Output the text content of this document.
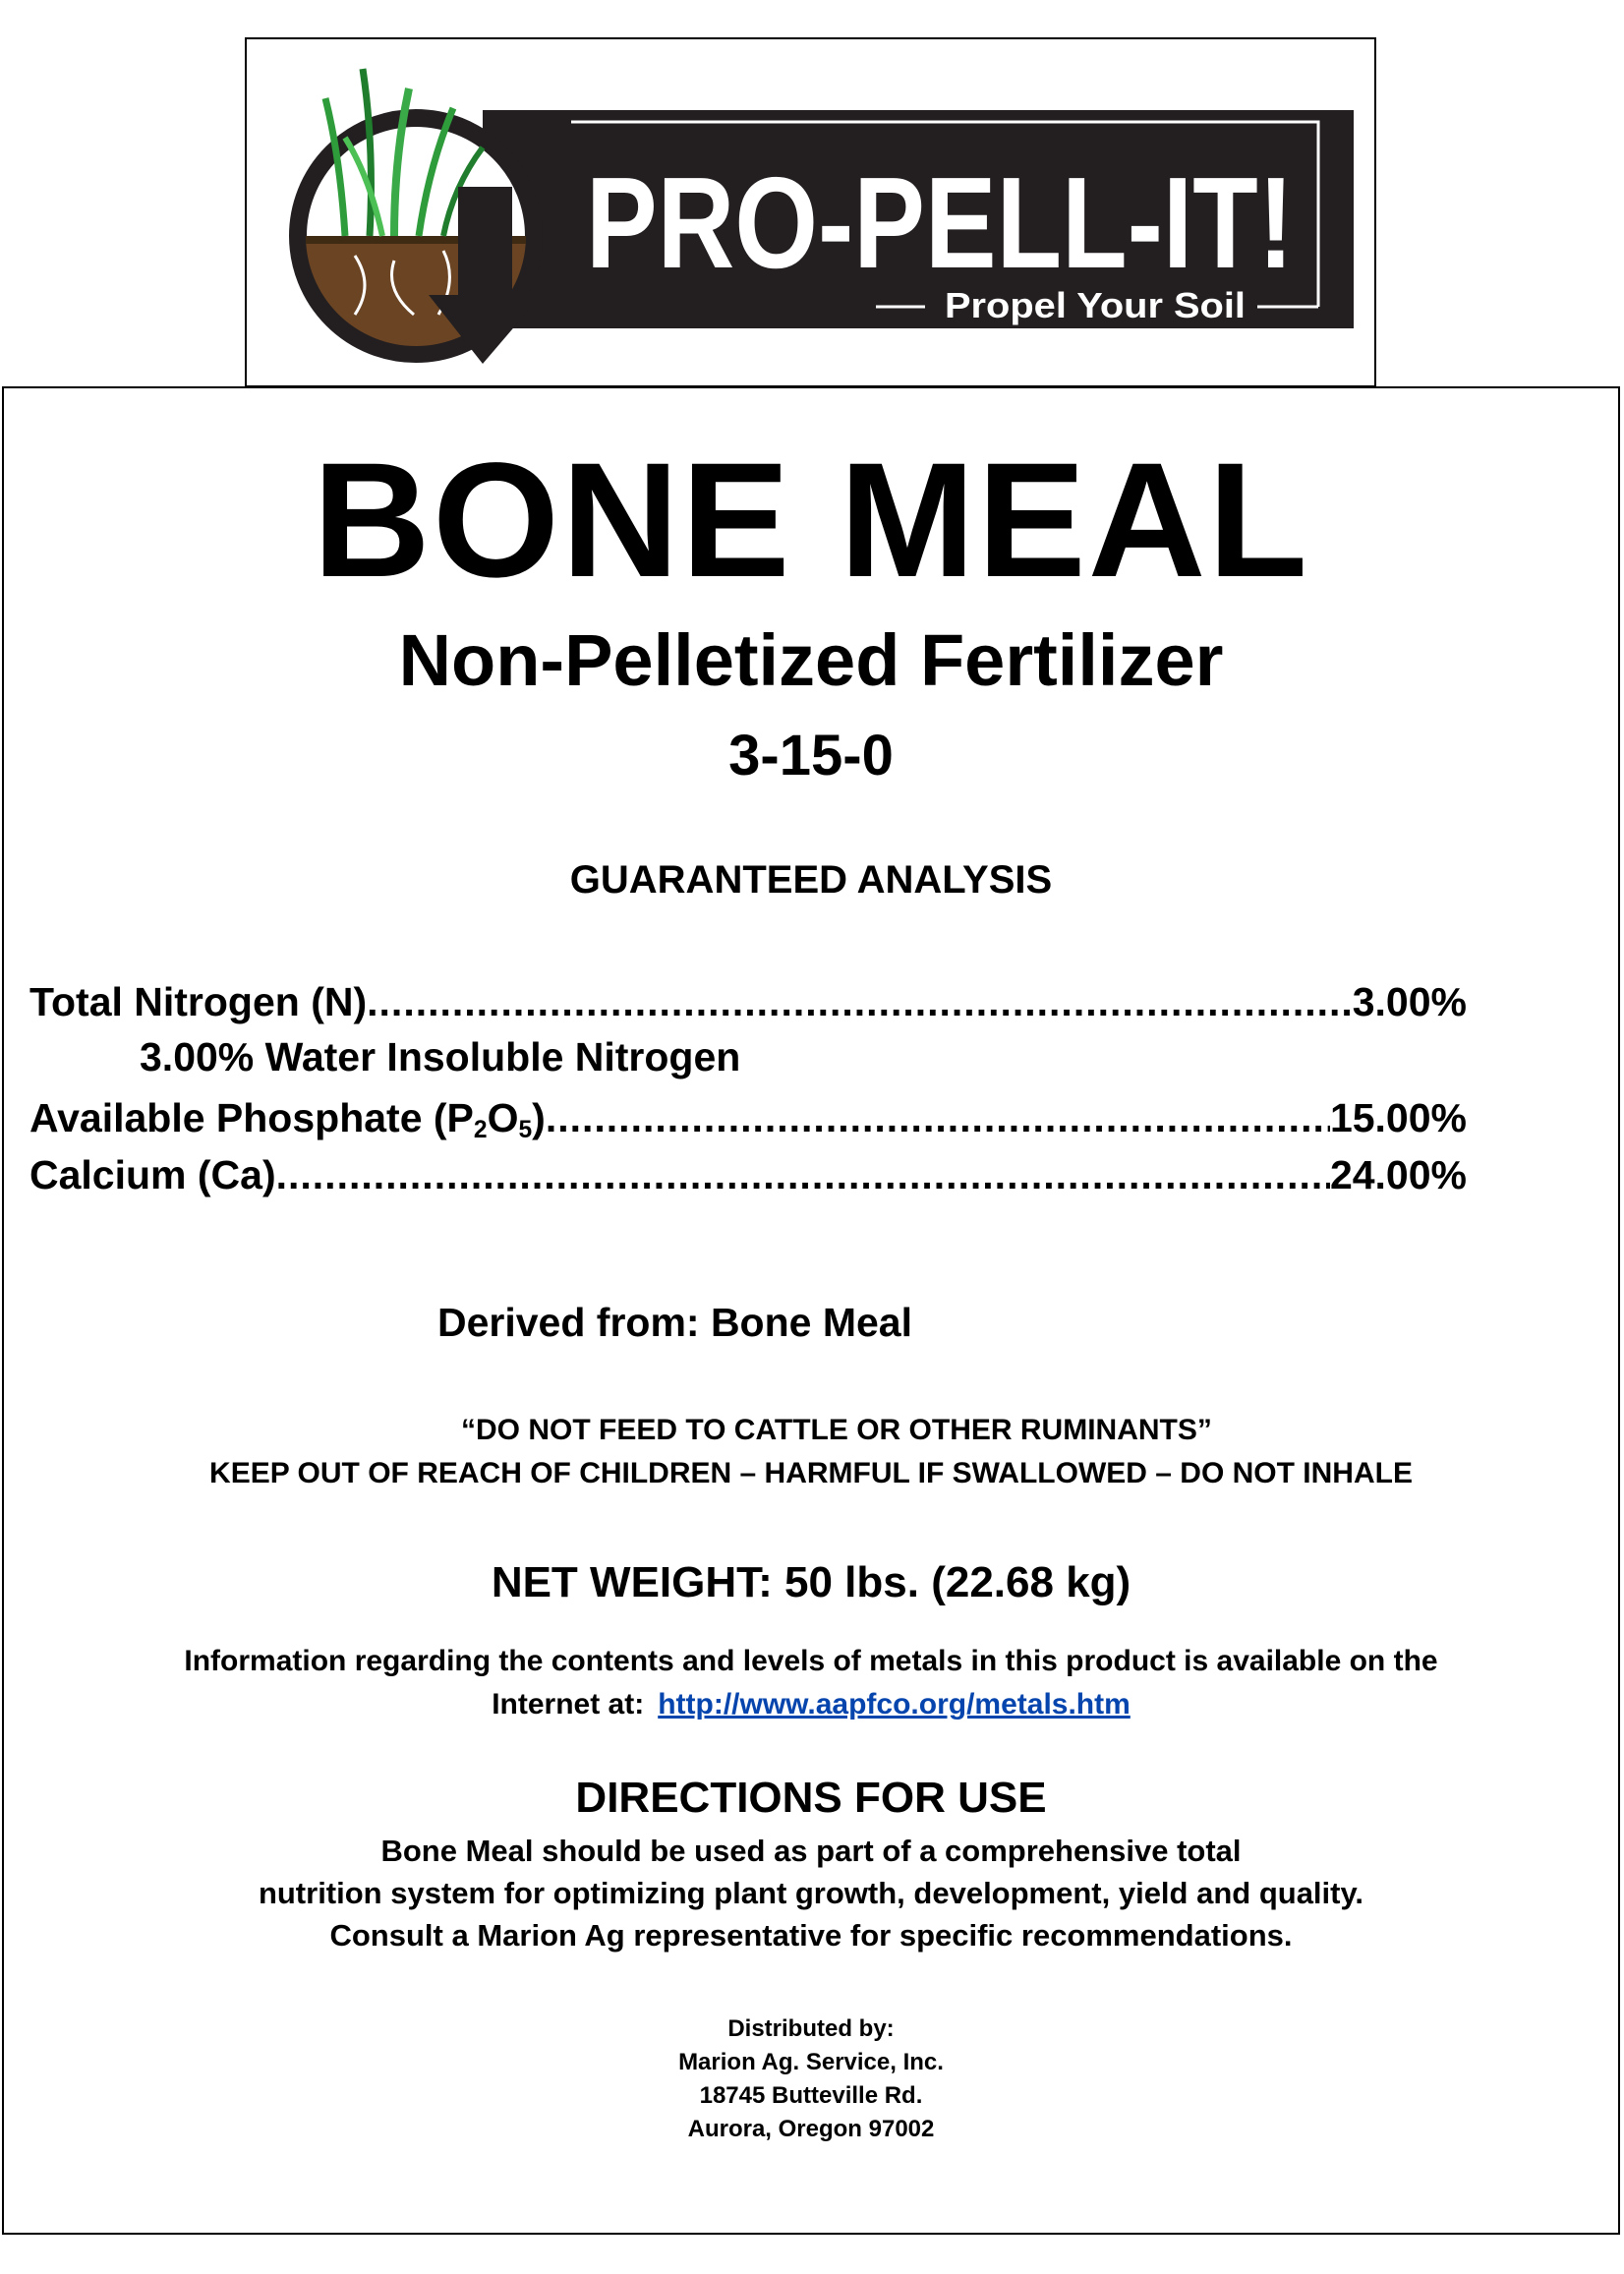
PRO-PELL-IT!
Propel Your Soil
BONE MEAL
Non-Pelletized Fertilizer
3-15-0
GUARANTEED ANALYSIS
Total Nitrogen (N) .....	3.00%
3.00% Water Insoluble Nitrogen
Available Phosphate $(P_2O_5)$ .....	15.00%
Calcium (Ca) .....	24.00%
Derived from: Bone Meal
“DO NOT FEED TO CATTLE OR OTHER RUMINANTS”
KEEP OUT OF REACH OF CHILDREN – HARMFUL IF SWALLOWED – DO NOT INHALE
NET WEIGHT: 50 lbs. (22.68 kg)
Information regarding the contents and levels of metals in this product is available on the
Internet at: http://www.aapfco.org/metals.htm
DIRECTIONS FOR USE
Bone Meal should be used as part of a comprehensive total
nutrition system for optimizing plant growth, development, yield and quality.
Consult a Marion Ag representative for specific recommendations.
Distributed by:
Marion Ag. Service, Inc.
18745 Butteville Rd.
Aurora, Oregon 97002
